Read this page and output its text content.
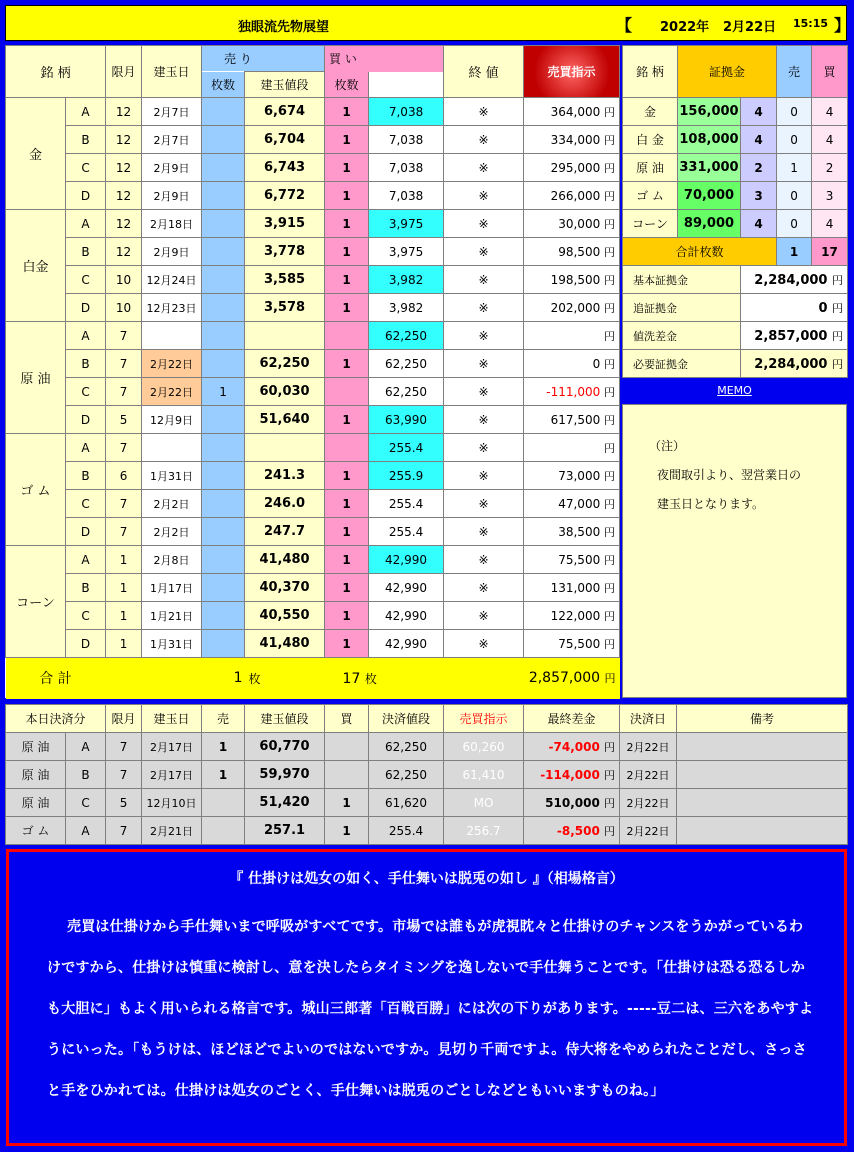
独眼流先物展望	【 2022年 2月22日 15:15 】
銘 柄		限月	建玉日	売 り		買 い		終 値	売買指示	
				枚数	建玉値段	枚数				
金	A	12	2月7日		6,674	1	7,038	※	364,000 円	
	B	12	2月7日		6,704	1	7,038	※	334,000 円	
	C	12	2月9日		6,743	1	7,038	※	295,000 円	
	D	12	2月9日		6,772	1	7,038	※	266,000 円	
白金	A	12	2月18日		3,915	1	3,975	※	30,000 円	
	B	12	2月9日		3,778	1	3,975	※	98,500 円	
	C	10	12月24日		3,585	1	3,982	※	198,500 円	
	D	10	12月23日		3,578	1	3,982	※	202,000 円	
原 油	A	7					62,250	※	円	
	B	7	2月22日		62,250	1	62,250	※	0 円	
	C	7	2月22日	1	60,030		62,250	※	-111,000 円	
	D	5	12月9日		51,640	1	63,990	※	617,500 円	
ゴ ム	A	7					255.4	※	円	
	B	6	1月31日		241.3	1	255.9	※	73,000 円	
	C	7	2月2日		246.0	1	255.4	※	47,000 円	
	D	7	2月2日		247.7	1	255.4	※	38,500 円	
コーン	A	1	2月8日		41,480	1	42,990	※	75,500 円	
	B	1	1月17日		40,370	1	42,990	※	131,000 円	
	C	1	1月21日		40,550	1	42,990	※	122,000 円	
	D	1	1月31日		41,480	1	42,990	※	75,500 円	
合 計		1			枚	17 枚			2,857,000 円	
銘 柄	証拠金		売	買
金	156,000	4	0	4
白 金	108,000	4	0	4
原 油	331,000	2	1	2
ゴ ム	70,000	3	0	3
コーン	89,000	4	0	4
合計枚数			1	17
基本証拠金		2,284,000 円		
追証拠金		0 円		
値洗差金		2,857,000 円		
必要証拠金		2,284,000 円		
MEMO
（注）
夜間取引より、翌営業日の
建玉日となります。
本日決済分		限月	建玉日	売	建玉値段	買	決済値段	売買指示	最終差金	決済日	備考
原 油	A	7	2月17日	1	60,770		62,250	60,260	-74,000 円	2月22日	
原 油	B	7	2月17日	1	59,970		62,250	61,410	-114,000 円	2月22日	
原 油	C	5	12月10日		51,420	1	61,620	MO	510,000 円	2月22日	
ゴ ム	A	7	2月21日		257.1	1	255.4	256.7	-8,500 円	2月22日	
『 仕掛けは処女の如く、手仕舞いは脱兎の如し 』（相場格言）
売買は仕掛けから手仕舞いまで呼吸がすべてです。市場では誰もが虎視眈々と仕掛けのチャンスをうかがっているわけですから、仕掛けは慎重に検討し、意を決したらタイミングを逸しないで手仕舞うことです。「仕掛けは恐る恐るしかも大胆に」もよく用いられる格言です。城山三郎著「百戦百勝」には次の下りがあります。-----豆二は、三六をあやすようにいった。「もうけは、ほどほどでよいのではないですか。見切り千両ですよ。侍大将をやめられたことだし、さっさと手をひかれては。仕掛けは処女のごとく、手仕舞いは脱兎のごとしなどともいいますものね。」
